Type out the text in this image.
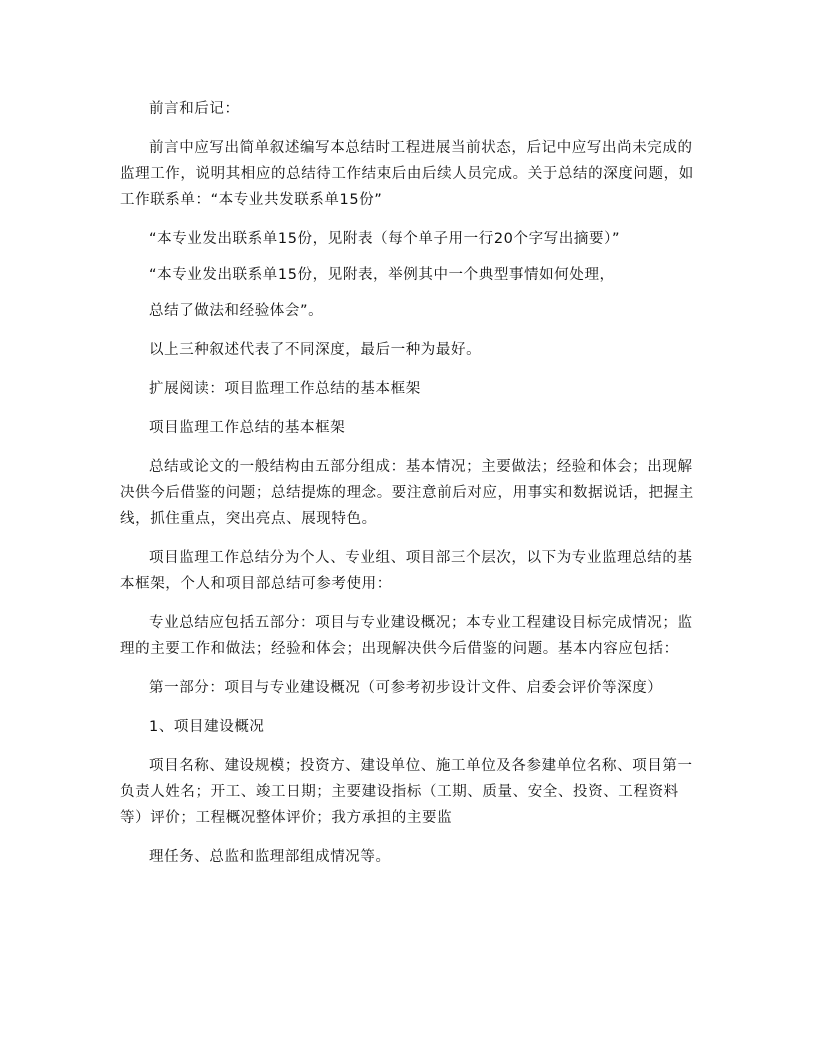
前言和后记：

前言中应写出简单叙述编写本总结时工程进展当前状态，后记中应写出尚未完成的监理工作，说明其相应的总结待工作结束后由后续人员完成。关于总结的深度问题，如工作联系单：“本专业共发联系单15份”

“本专业发出联系单15份，见附表（每个单子用一行20个字写出摘要）”

“本专业发出联系单15份，见附表，举例其中一个典型事情如何处理，

总结了做法和经验体会”。

以上三种叙述代表了不同深度，最后一种为最好。

扩展阅读：项目监理工作总结的基本框架

项目监理工作总结的基本框架

总结或论文的一般结构由五部分组成：基本情况；主要做法；经验和体会；出现解决供今后借鉴的问题；总结提炼的理念。要注意前后对应，用事实和数据说话，把握主线，抓住重点，突出亮点、展现特色。

项目监理工作总结分为个人、专业组、项目部三个层次，以下为专业监理总结的基本框架，个人和项目部总结可参考使用：

专业总结应包括五部分：项目与专业建设概况；本专业工程建设目标完成情况；监理的主要工作和做法；经验和体会；出现解决供今后借鉴的问题。基本内容应包括：

第一部分：项目与专业建设概况（可参考初步设计文件、启委会评价等深度）

1、项目建设概况

项目名称、建设规模；投资方、建设单位、施工单位及各参建单位名称、项目第一负责人姓名；开工、竣工日期；主要建设指标（工期、质量、安全、投资、工程资料等）评价；工程概况整体评价；我方承担的主要监

理任务、总监和监理部组成情况等。
